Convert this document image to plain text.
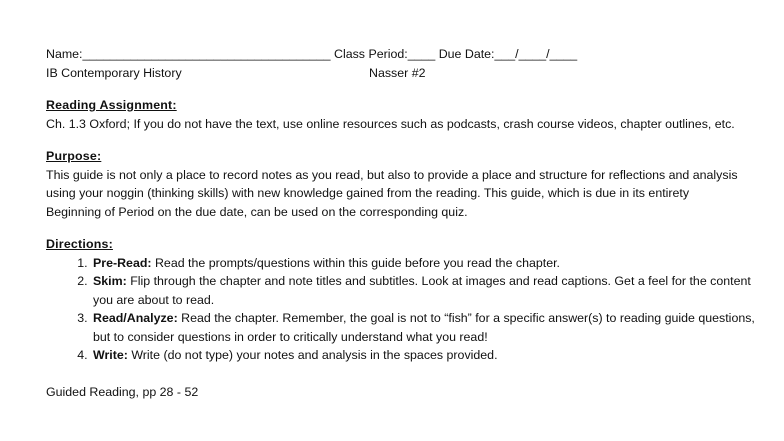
Name:____________________________________ Class Period:____ Due Date:___/____/____
IB Contemporary History	Nasser #2
Reading Assignment:
Ch. 1.3 Oxford; If you do not have the text, use online resources such as podcasts, crash course videos, chapter outlines, etc.
Purpose:
This guide is not only a place to record notes as you read, but also to provide a place and structure for reflections and analysis using your noggin (thinking skills) with new knowledge gained from the reading. This guide, which is due in its entirety Beginning of Period on the due date, can be used on the corresponding quiz.
Directions:
1. Pre-Read: Read the prompts/questions within this guide before you read the chapter.
2. Skim: Flip through the chapter and note titles and subtitles. Look at images and read captions. Get a feel for the content you are about to read.
3. Read/Analyze: Read the chapter. Remember, the goal is not to “fish” for a specific answer(s) to reading guide questions, but to consider questions in order to critically understand what you read!
4. Write: Write (do not type) your notes and analysis in the spaces provided.
Guided Reading, pp 28 - 52
